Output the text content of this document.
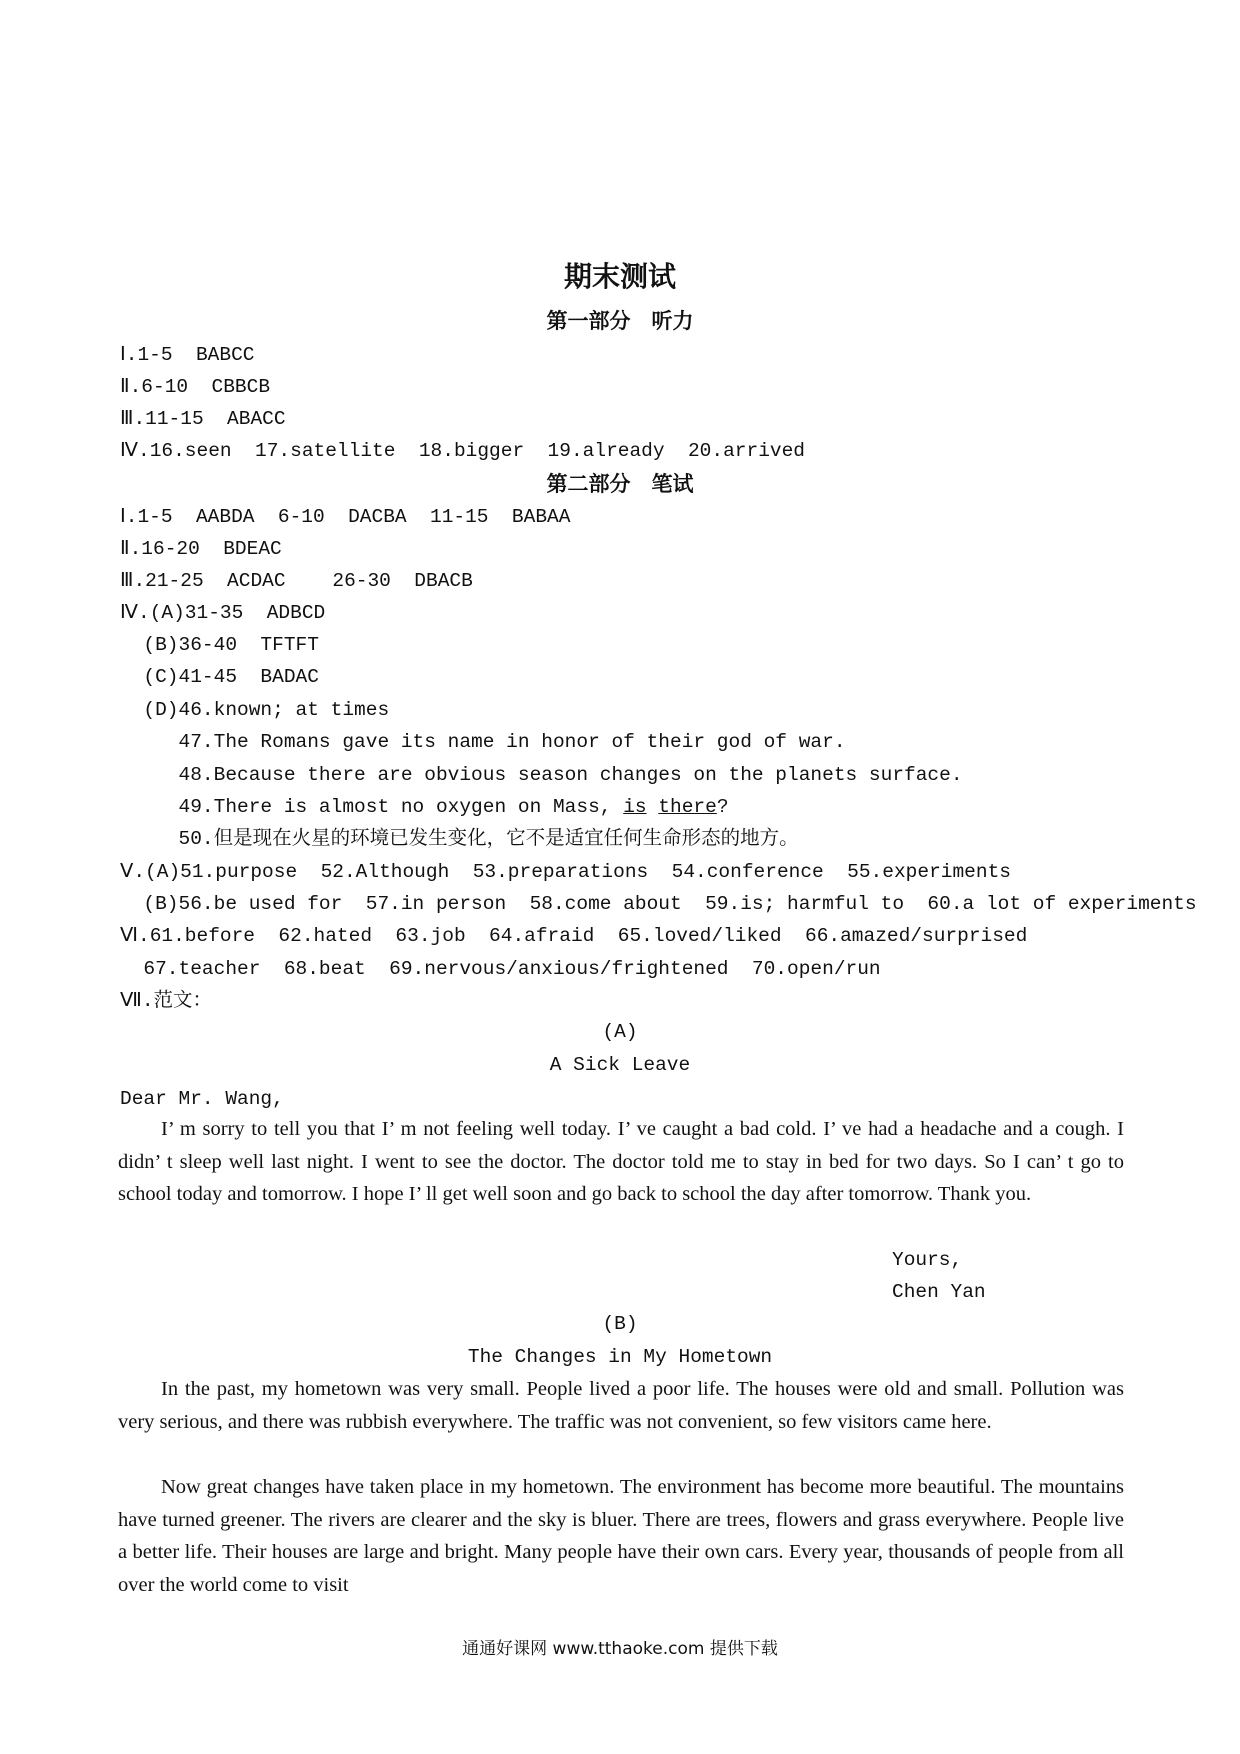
期末测试
第一部分　听力
Ⅰ.1-5  BABCC
Ⅱ.6-10  CBBCB
Ⅲ.11-15  ABACC
Ⅳ.16.seen  17.satellite  18.bigger  19.already  20.arrived
第二部分　笔试
Ⅰ.1-5  AABDA  6-10  DACBA  11-15  BABAA
Ⅱ.16-20  BDEAC
Ⅲ.21-25  ACDAC    26-30  DBACB
Ⅳ.(A)31-35  ADBCD
(B)36-40  TFTFT
(C)41-45  BADAC
(D)46.known; at times
47.The Romans gave its name in honor of their god of war.
48.Because there are obvious season changes on the planets surface.
49.There is almost no oxygen on Mass, is there?
50.但是现在火星的环境已发生变化，它不是适宜任何生命形态的地方。
Ⅴ.(A)51.purpose  52.Although  53.preparations  54.conference  55.experiments
(B)56.be used for  57.in person  58.come about  59.is; harmful to  60.a lot of experiments
Ⅵ.61.before  62.hated  63.job  64.afraid  65.loved/liked  66.amazed/surprised
67.teacher  68.beat  69.nervous/anxious/frightened  70.open/run
Ⅶ.范文：
(A)
A Sick Leave
Dear Mr. Wang,

I’ m sorry to tell you that I’ m not feeling well today. I’ ve caught a bad cold. I’ ve had a headache and a cough. I didn’ t sleep well last night. I went to see the doctor. The doctor told me to stay in bed for two days. So I can’ t go to school today and tomorrow. I hope I’ ll get well soon and go back to school the day after tomorrow. Thank you.

Yours,
Chen Yan
(B)
The Changes in My Hometown

In the past, my hometown was very small. People lived a poor life. The houses were old and small. Pollution was very serious, and there was rubbish everywhere. The traffic was not convenient, so few visitors came here.

Now great changes have taken place in my hometown. The environment has become more beautiful. The mountains have turned greener. The rivers are clearer and the sky is bluer. There are trees, flowers and grass everywhere. People live a better life. Their houses are large and bright. Many people have their own cars. Every year, thousands of people from all over the world come to visit

通通好课网 www.tthaoke.com 提供下载
